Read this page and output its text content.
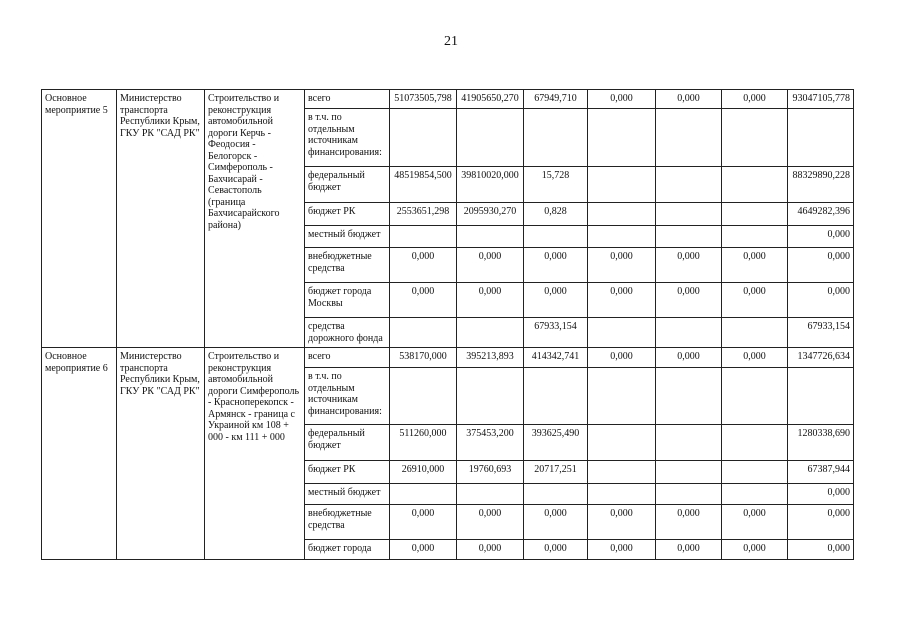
21
Основное мероприятие 5	Министерство транспорта Республики Крым, ГКУ РК "САД РК"	Строительство и реконструкция автомобильной дороги Керчь - Феодосия - Белогорск - Симферополь - Бахчисарай - Севастополь (граница Бахчисарайского района)	всего	51073505,798	41905650,270	67949,710	0,000	0,000	0,000	93047105,778
			в т.ч. по отдельным источникам финансирования:							
			федеральный бюджет	48519854,500	39810020,000	15,728				88329890,228
			бюджет РК	2553651,298	2095930,270	0,828				4649282,396
			местный бюджет							0,000
			внебюджетные средства	0,000	0,000	0,000	0,000	0,000	0,000	0,000
			бюджет города Москвы	0,000	0,000	0,000	0,000	0,000	0,000	0,000
			средства дорожного фонда			67933,154				67933,154
Основное мероприятие 6	Министерство транспорта Республики Крым, ГКУ РК "САД РК"	Строительство и реконструкция автомобильной дороги Симферополь - Красноперекопск - Армянск - граница с Украиной км 108 + 000 - км 111 + 000	всего	538170,000	395213,893	414342,741	0,000	0,000	0,000	1347726,634
			в т.ч. по отдельным источникам финансирования:							
			федеральный бюджет	511260,000	375453,200	393625,490				1280338,690
			бюджет РК	26910,000	19760,693	20717,251				67387,944
			местный бюджет							0,000
			внебюджетные средства	0,000	0,000	0,000	0,000	0,000	0,000	0,000
			бюджет города	0,000	0,000	0,000	0,000	0,000	0,000	0,000
